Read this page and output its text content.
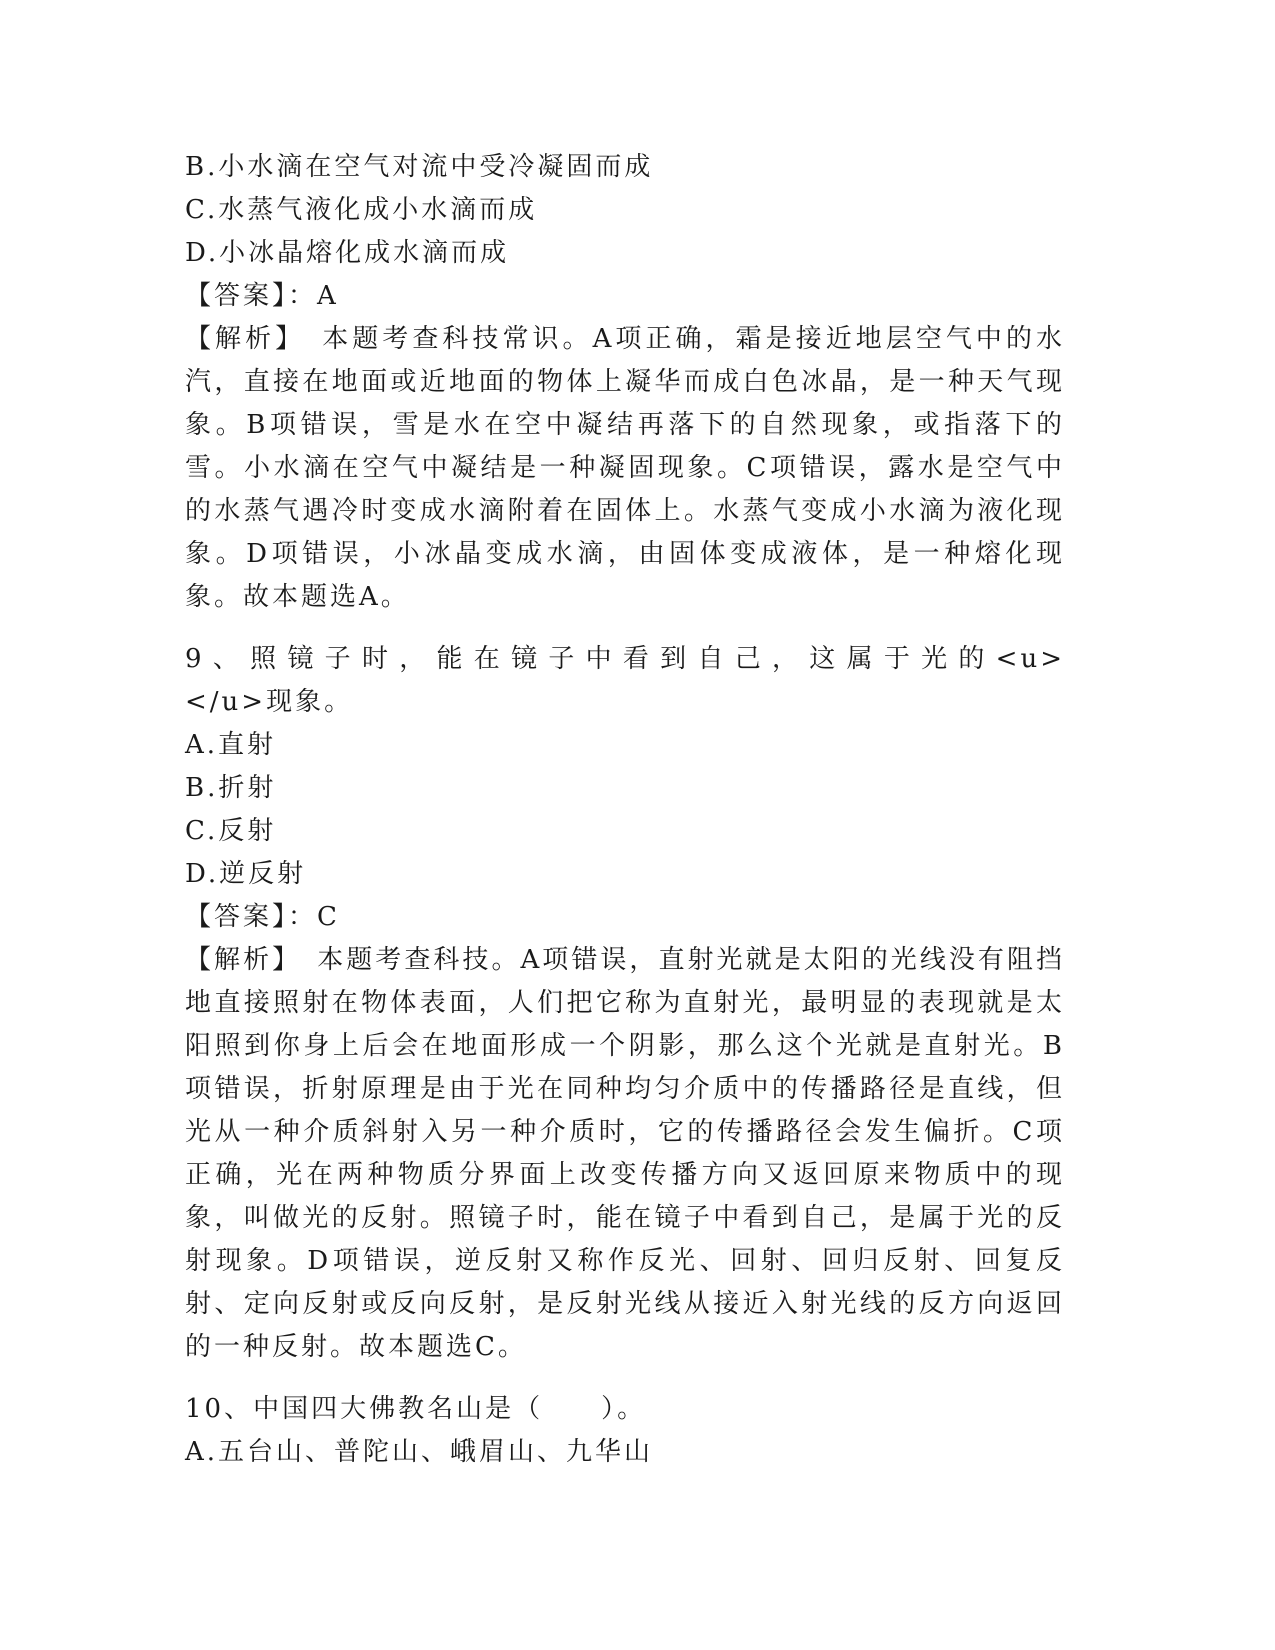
B.小水滴在空气对流中受冷凝固而成
C.水蒸气液化成小水滴而成
D.小冰晶熔化成水滴而成
【答案】：A
【解析】　本题考查科技常识。A项正确，霜是接近地层空气中的水汽，直接在地面或近地面的物体上凝华而成白色冰晶，是一种天气现象。B项错误，雪是水在空中凝结再落下的自然现象，或指落下的雪。小水滴在空气中凝结是一种凝固现象。C项错误，露水是空气中的水蒸气遇冷时变成水滴附着在固体上。水蒸气变成小水滴为液化现象。D项错误，小冰晶变成水滴，由固体变成液体，是一种熔化现象。故本题选A。
9、照镜子时，能在镜子中看到自己，这属于光的<u>　　　　</u>现象。
A.直射
B.折射
C.反射
D.逆反射
【答案】：C
【解析】　本题考查科技。A项错误，直射光就是太阳的光线没有阻挡地直接照射在物体表面，人们把它称为直射光，最明显的表现就是太阳照到你身上后会在地面形成一个阴影，那么这个光就是直射光。B项错误，折射原理是由于光在同种均匀介质中的传播路径是直线，但光从一种介质斜射入另一种介质时，它的传播路径会发生偏折。C项正确，光在两种物质分界面上改变传播方向又返回原来物质中的现象，叫做光的反射。照镜子时，能在镜子中看到自己，是属于光的反射现象。D项错误，逆反射又称作反光、回射、回归反射、回复反射、定向反射或反向反射，是反射光线从接近入射光线的反方向返回的一种反射。故本题选C。
10、中国四大佛教名山是（　　）。
A.五台山、普陀山、峨眉山、九华山
